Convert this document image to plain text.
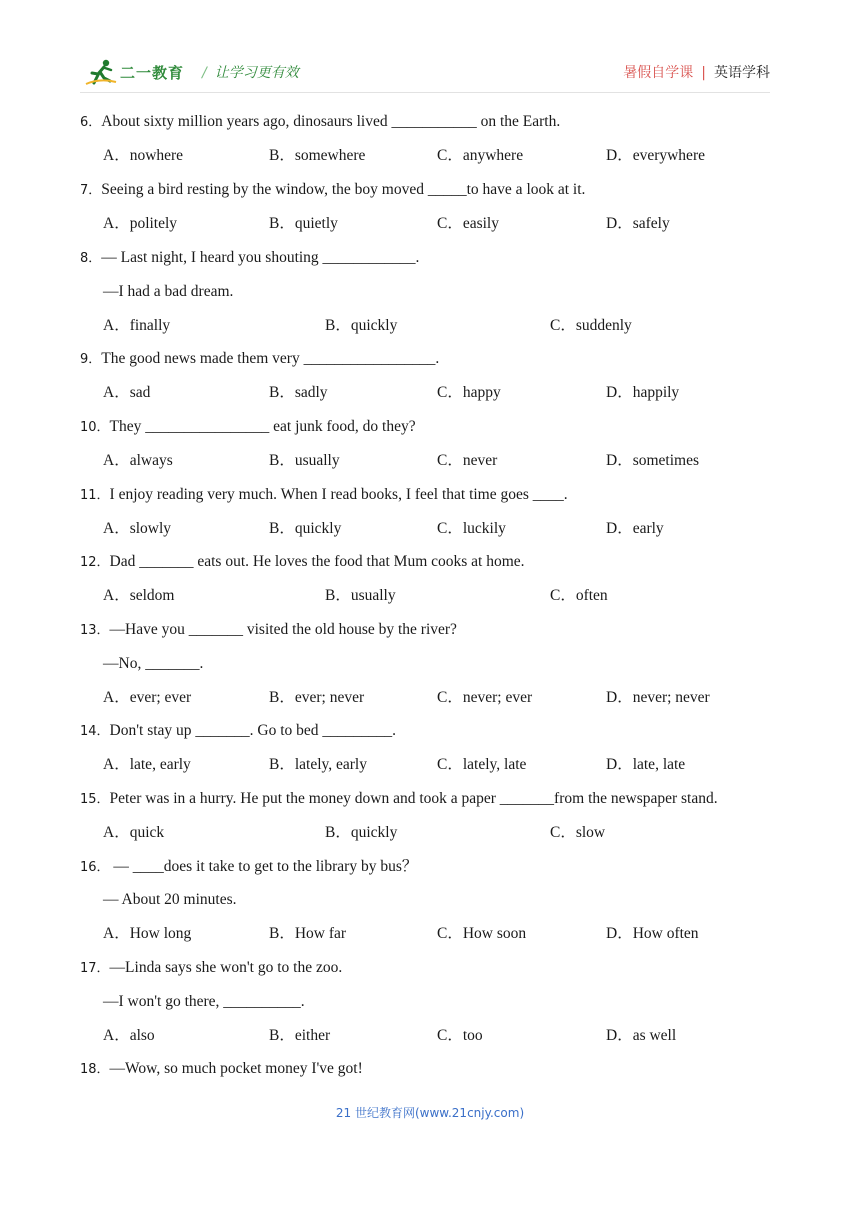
二一教育 / 让学习更有效	暑假自学课 | 英语学科
6．About sixty million years ago, dinosaurs lived ___________ on the Earth.
A．nowhere	B．somewhere	C．anywhere	D．everywhere
7．Seeing a bird resting by the window, the boy moved _____to have a look at it.
A．politely	B．quietly	C．easily	D．safely
8．— Last night, I heard you shouting ____________.
—I had a bad dream.
A．finally	B．quickly	C．suddenly
9．The good news made them very _________________.
A．sad	B．sadly	C．happy	D．happily
10．They ________________ eat junk food, do they?
A．always	B．usually	C．never	D．sometimes
11．I enjoy reading very much. When I read books, I feel that time goes ____.
A．slowly	B．quickly	C．luckily	D．early
12．Dad _______ eats out. He loves the food that Mum cooks at home.
A．seldom	B．usually	C．often
13．—Have you _______ visited the old house by the river?
—No, _______.
A．ever; ever	B．ever; never	C．never; ever	D．never; never
14．Don't stay up _______. Go to bed _________.
A．late, early	B．lately, early	C．lately, late	D．late, late
15．Peter was in a hurry. He put the money down and took a paper _______from the newspaper stand.
A．quick	B．quickly	C．slow
16． — ____does it take to get to the library by bus？
— About 20 minutes.
A．How long	B．How far	C．How soon	D．How often
17．—Linda says she won't go to the zoo.
—I won't go there, __________.
A．also	B．either	C．too	D．as well
18．—Wow, so much pocket money I've got!
21 世纪教育网(www.21cnjy.com)
